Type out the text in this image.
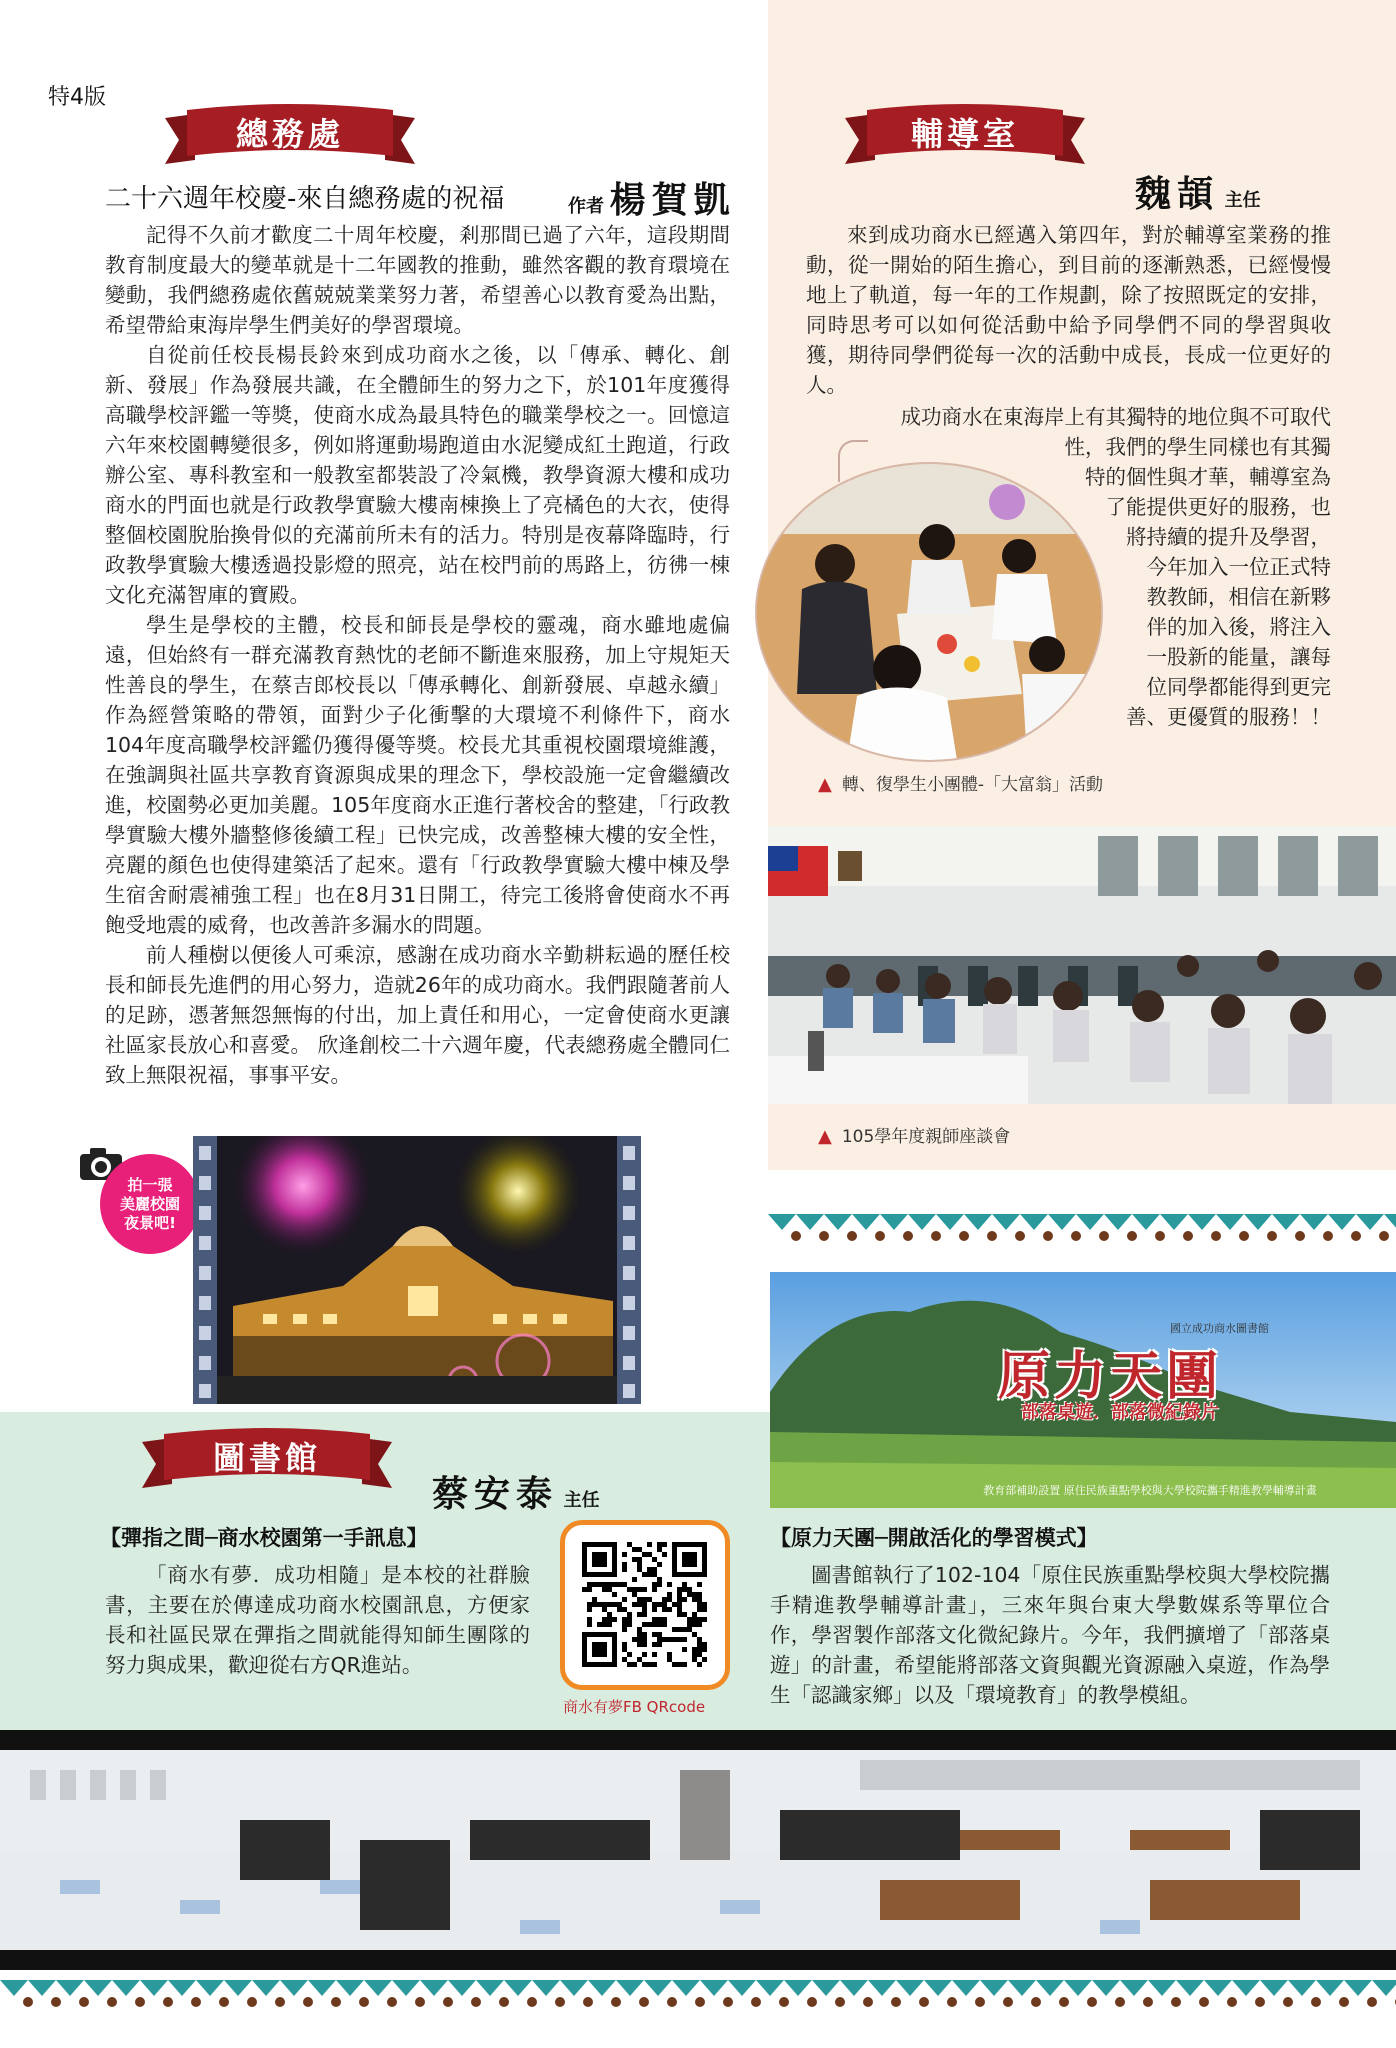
特4版
總務處
二十六週年校慶-來自總務處的祝福	作者 楊賀凱

記得不久前才歡度二十周年校慶，剎那間已過了六年，這段期間教育制度最大的變革就是十二年國教的推動，雖然客觀的教育環境在變動，我們總務處依舊兢兢業業努力著，希望善心以教育愛為出點，希望帶給東海岸學生們美好的學習環境。

自從前任校長楊長鈴來到成功商水之後，以「傳承、轉化、創新、發展」作為發展共識，在全體師生的努力之下，於101年度獲得高職學校評鑑一等獎，使商水成為最具特色的職業學校之一。回憶這六年來校園轉變很多，例如將運動場跑道由水泥變成紅土跑道，行政辦公室、專科教室和一般教室都裝設了冷氣機，教學資源大樓和成功商水的門面也就是行政教學實驗大樓南棟換上了亮橘色的大衣，使得整個校園脫胎換骨似的充滿前所未有的活力。特別是夜幕降臨時，行政教學實驗大樓透過投影燈的照亮，站在校門前的馬路上，彷彿一棟文化充滿智庫的寶殿。

學生是學校的主體，校長和師長是學校的靈魂，商水雖地處偏遠，但始終有一群充滿教育熱忱的老師不斷進來服務，加上守規矩天性善良的學生，在蔡吉郎校長以「傳承轉化、創新發展、卓越永續」作為經營策略的帶領，面對少子化衝擊的大環境不利條件下，商水104年度高職學校評鑑仍獲得優等獎。校長尤其重視校園環境維護，在強調與社區共享教育資源與成果的理念下，學校設施一定會繼續改進，校園勢必更加美麗。105年度商水正進行著校舍的整建，「行政教學實驗大樓外牆整修後續工程」已快完成，改善整棟大樓的安全性，亮麗的顏色也使得建築活了起來。還有「行政教學實驗大樓中棟及學生宿舍耐震補強工程」也在8月31日開工，待完工後將會使商水不再飽受地震的威脅，也改善許多漏水的問題。

前人種樹以便後人可乘涼，感謝在成功商水辛勤耕耘過的歷任校長和師長先進們的用心努力，造就26年的成功商水。我們跟隨著前人的足跡，憑著無怨無悔的付出，加上責任和用心，一定會使商水更讓社區家長放心和喜愛。 欣逢創校二十六週年慶，代表總務處全體同仁致上無限祝福，事事平安。

拍一張
美麗校園
夜景吧!
輔導室
魏頡 主任

來到成功商水已經邁入第四年，對於輔導室業務的推動，從一開始的陌生擔心，到目前的逐漸熟悉，已經慢慢地上了軌道，每一年的工作規劃，除了按照既定的安排，同時思考可以如何從活動中給予同學們不同的學習與收獲，期待同學們從每一次的活動中成長，長成一位更好的人。

成功商水在東海岸上有其獨特的地位與不可取代
性，我們的學生同樣也有其獨
特的個性與才華，輔導室為
了能提供更好的服務，也
將持續的提升及學習，
今年加入一位正式特
教教師，相信在新夥
伴的加入後，將注入
一股新的能量，讓每
位同學都能得到更完
善、更優質的服務！！
▲ 轉、復學生小團體-「大富翁」活動
▲ 105學年度親師座談會
國立成功商水圖書館
原力天團
部落桌遊．部落微紀錄片
教育部補助設置 原住民族重點學校與大學校院攜手精進教學輔導計畫
圖書館
蔡安泰 主任
【彈指之間─商水校園第一手訊息】

「商水有夢．成功相隨」是本校的社群臉書，主要在於傳達成功商水校園訊息，方便家長和社區民眾在彈指之間就能得知師生團隊的努力與成果，歡迎從右方QR進站。

商水有夢FB QRcode
【原力天團─開啟活化的學習模式】

圖書館執行了102-104「原住民族重點學校與大學校院攜手精進教學輔導計畫」，三來年與台東大學數媒系等單位合作，學習製作部落文化微紀錄片。今年，我們擴增了「部落桌遊」的計畫，希望能將部落文資與觀光資源融入桌遊，作為學生「認識家鄉」以及「環境教育」的教學模組。
